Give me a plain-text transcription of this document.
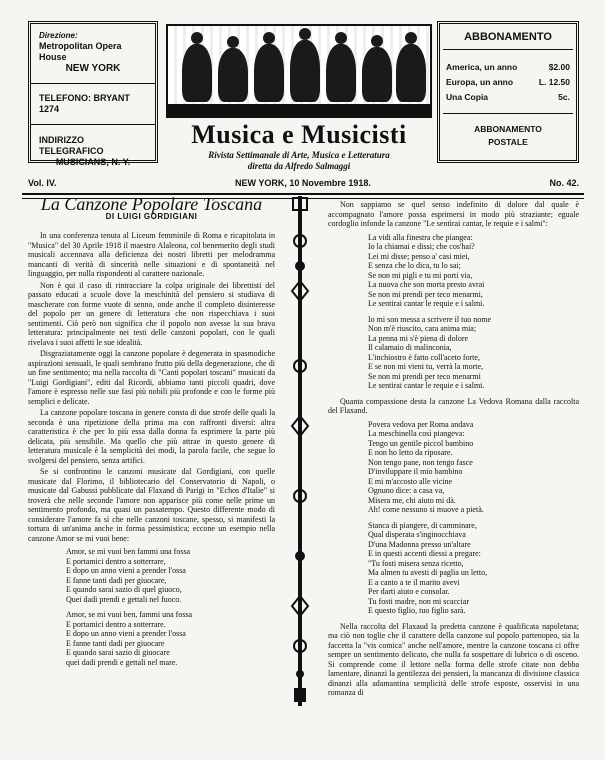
Direzione:
Metropolitan Opera House
NEW YORK
TELEFONO: BRYANT 1274
INDIRIZZO TELEGRAFICO
MUSICIANS, N. Y.
Musica e Musicisti
Rivista Settimanale di Arte, Musica e Letteratura
diretta da Alfredo Salmaggi
ABBONAMENTO
America, un anno	$2.00
Europa, un anno	L. 12.50
Una Copia	5c.
ABBONAMENTO
POSTALE
Vol. IV.	NEW YORK, 10 Novembre 1918.	No. 42.
La Canzone Popolare Toscana
DI LUIGI GORDIGIANI

In una conferenza tenuta al Liceum femminile di Roma e ricapitolata in "Musica" del 30 Aprile 1918 il maestro Alaleona, col benemerito degli studi musicali accennava alla deficienza dei nostri libretti per melodramma mancanti di verità di sincerità nelle situazioni e di spontaneità nel linguaggio, per nulla rispondenti al carattere nazionale.

Non è qui il caso di rintracciare la colpa originale dei librettisti del passato educati a scuole dove la meschinità del pensiero si studiava di mascherare con forme vuote di senno, onde anche il completo disinteresse del popolo per un genere di letteratura che non rispecchiava i suoi sentimenti. Ciò però non significa che il popolo non avesse la sua brava letteratura: principalmente nei testi delle canzoni popolari, con le quali rivelava i suoi affetti le sue idealità.

Disgraziatamente oggi la canzone popolare è degenerata in spasmodiche aspirazioni sensuali, le quali sembrano frutto più della degenerazione, che di un fine sentimento; ma nella raccolta di "Canti popolari toscani" musicati da "Luigi Gordigiani", editi dal Ricordi, abbiamo tanti piccoli quadri, dove l'amore è espresso nelle sue fasi più nobili più profonde e con le forme più semplici e delicate.

La canzone popolare toscana in genere consta di due strofe delle quali la seconda è una ripetizione della prima ma con raffronti diversi: altra caratteristica è che per lo più essa dalla donna fa esprimere la parte più delicata, più sensibile. Ma quello che più attrae in questo genere di letteratura musicale è la semplicità dei modi, la parola facile, che segue lo svolgersi del pensiero, senza artifici.

Se si confrontino le canzoni musicate dal Gordigiani, con quelle musicate dal Florimo, il bibliotecario del Conservatorio di Napoli, o musicate dal Gabussi pubblicate dal Flaxand di Parigi in "Echos d'Italie" si troverà che nelle seconde l'amore non apparisce più come nelle prime un sentimento profondo, ma quasi un passatempo. Questo differente modo di considerare l'amore fa sì che nelle canzoni toscane, spesso, si manifesti la tortura di un'anima anche in forma pessimistica; eccone un esempio nella canzone Amor se mi vuoi bene:

Amor, se mi vuoi ben fammi una fossa
E portamici dentro a sotterrare,
E dopo un anno vieni a prender l'ossa
E fanne tanti dadi per giuocare,
E quando sarai sazio di quel giuoco,
Quei dadi prendi e gettali nel fuoco.
Amor, se mi vuoi ben, fammi una fossa
E portamici dentro a sotterrare.
E dopo un anno vieni a prender l'ossa
E fanne tanti dadi per giuocare
E quando sarai sazio di giuocare
quei dadi prendi e gettali nel mare.

Non sappiamo se quel senso indefinito di dolore dal quale è accompagnato l'amore possa esprimersi in modo più straziante; eguale cordoglio infonde la canzone "Le sentirai cantar, le requie e i salmi":

La vidi alla finestra che piangea:
Io la chiamai e dissi; che cos'hai?
Lei mi disse; penso a' casi miei,
E senza che lo dica, tu lo sai;
Se non mi pigli e tu mi porti via,
La nuova che son morta presto avrai
Se non mi prendi per teco menarmi,
Le sentirai cantar le requie e i salmi.
Io mi son messa a scrivere il tuo nome
Non m'è riuscito, cara anima mia;
La penna mi s'è piena di dolore
Il calamaio di malinconia,
L'inchiostro è fatto coll'aceto forte,
E se non mi vieni tu, verrà la morte,
Se non mi prendi per teco menarmi
Le sentirai cantar le requie e i salmi.

Quanta compassione desta la canzone La Vedova Romana dalla raccolta del Flaxand.

Povera vedova per Roma andava
La meschinella così piangeva:
Tengo un gentile piccol bambino
E non ho letto da riposare.
Non tengo pane, non tengo fasce
D'inviluppare il mio bambino
E mi m'accosto alle vicine
Ognuno dice: a casa va,
Misera me, chi aiuto mi dà.
Ah! come nessuno si muove a pietà.
Stanca di piangere, di camminare,
Qual disperata s'inginocchiava
D'una Madonna presso un'altare
E in questi accenti diessi a pregare:
"Tu fosti misera senza ricetto,
Ma almen tu avesti di paglia un letto,
E a canto a te il marito avevi
Per darti aiuto e consolar.
Tu fosti madre, non mi scacciar
E questo figlio, tuo figlio sarà.

Nella raccolta del Flaxaud la predetta canzone è qualificata napoletana; ma ciò non toglie che il carattere della canzone sul popolo partenopeo, sia la faccetta la "vis comica" anche nell'amore, mentre la canzone toscana ci offre sempre un sentimento delicato, che nulla fa sospettare di lubrico o di osceno. Si comprende come il lettore nella forma delle strofe citate non debba lamentare, dinanzi la gentilezza dei pensieri, la mancanza di divisione classica dinanzi alla adamantina semplicità delle strofe esposte, osservisi in una romanza di
